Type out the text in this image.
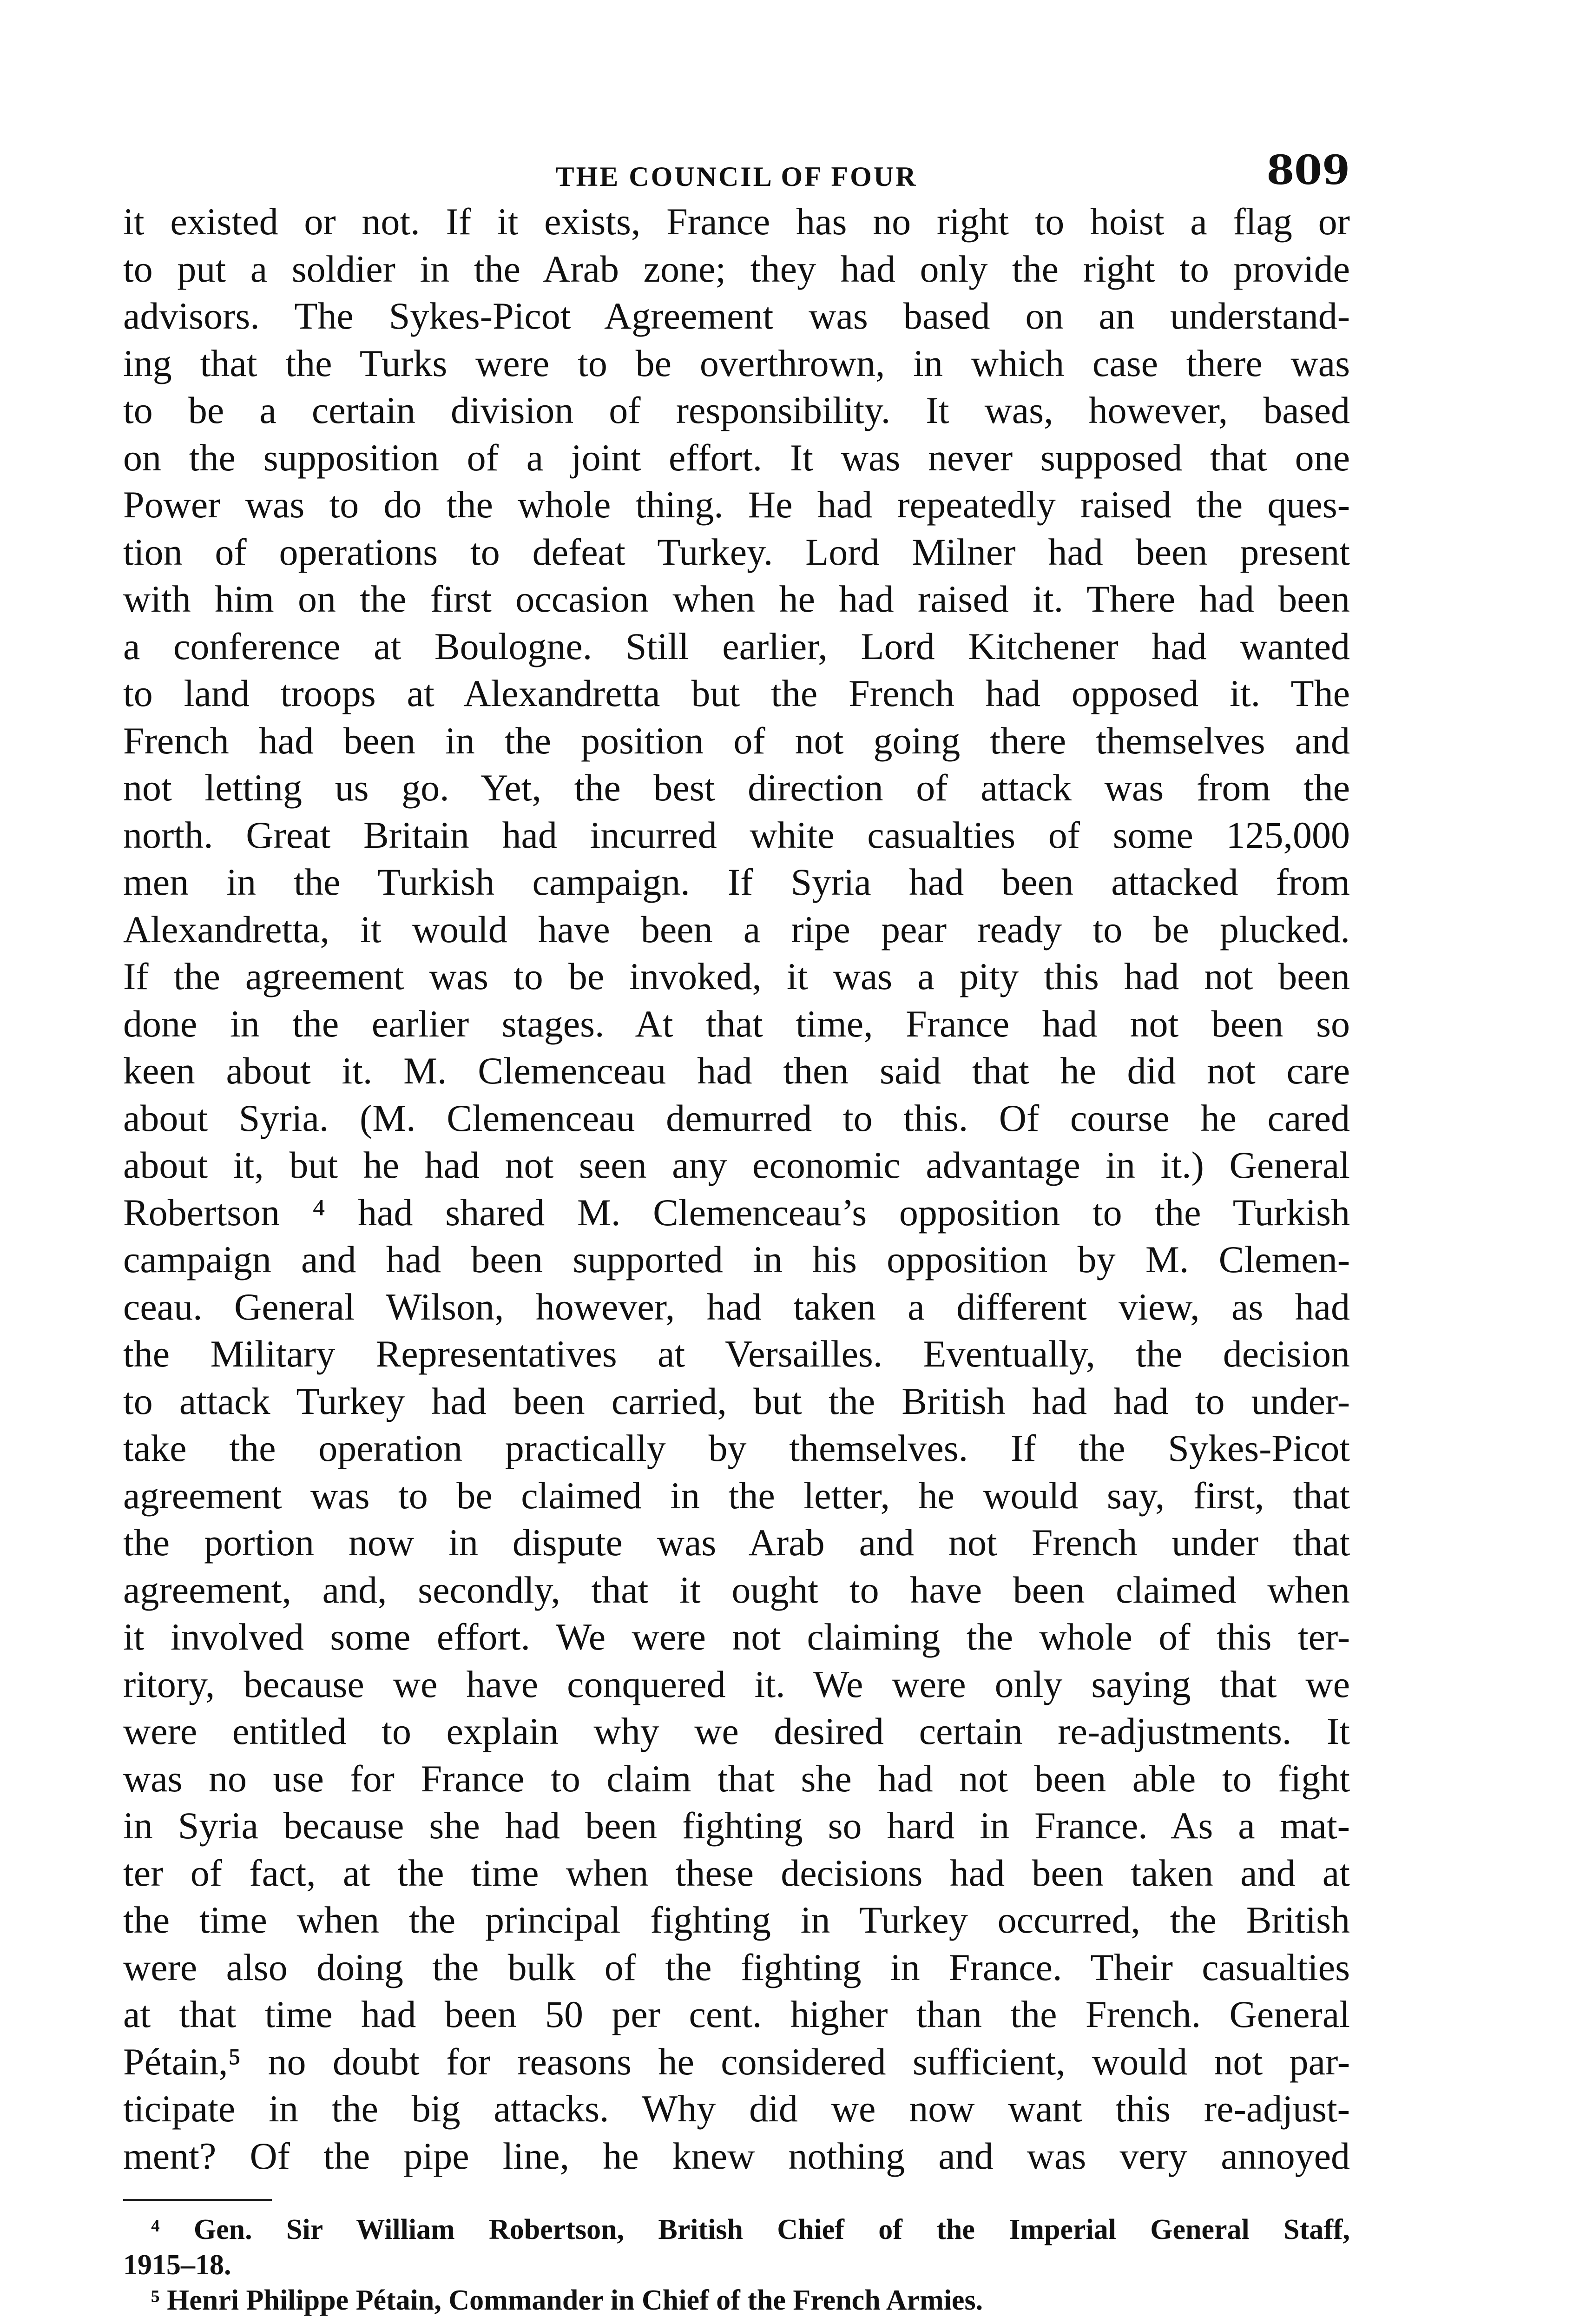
THE COUNCIL OF FOUR	809
it existed or not. If it exists, France has no right to hoist a flag or
to put a soldier in the Arab zone; they had only the right to provide
advisors. The Sykes-Picot Agreement was based on an understand-
ing that the Turks were to be overthrown, in which case there was
to be a certain division of responsibility. It was, however, based
on the supposition of a joint effort. It was never supposed that one
Power was to do the whole thing. He had repeatedly raised the ques-
tion of operations to defeat Turkey. Lord Milner had been present
with him on the first occasion when he had raised it. There had been
a conference at Boulogne. Still earlier, Lord Kitchener had wanted
to land troops at Alexandretta but the French had opposed it. The
French had been in the position of not going there themselves and
not letting us go. Yet, the best direction of attack was from the
north. Great Britain had incurred white casualties of some 125,000
men in the Turkish campaign. If Syria had been attacked from
Alexandretta, it would have been a ripe pear ready to be plucked.
If the agreement was to be invoked, it was a pity this had not been
done in the earlier stages. At that time, France had not been so
keen about it. M. Clemenceau had then said that he did not care
about Syria. (M. Clemenceau demurred to this. Of course he cared
about it, but he had not seen any economic advantage in it.) General
Robertson ⁴ had shared M. Clemenceau’s opposition to the Turkish
campaign and had been supported in his opposition by M. Clemen-
ceau. General Wilson, however, had taken a different view, as had
the Military Representatives at Versailles. Eventually, the decision
to attack Turkey had been carried, but the British had had to under-
take the operation practically by themselves. If the Sykes-Picot
agreement was to be claimed in the letter, he would say, first, that
the portion now in dispute was Arab and not French under that
agreement, and, secondly, that it ought to have been claimed when
it involved some effort. We were not claiming the whole of this ter-
ritory, because we have conquered it. We were only saying that we
were entitled to explain why we desired certain re-adjustments. It
was no use for France to claim that she had not been able to fight
in Syria because she had been fighting so hard in France. As a mat-
ter of fact, at the time when these decisions had been taken and at
the time when the principal fighting in Turkey occurred, the British
were also doing the bulk of the fighting in France. Their casualties
at that time had been 50 per cent. higher than the French. General
Pétain,⁵ no doubt for reasons he considered sufficient, would not par-
ticipate in the big attacks. Why did we now want this re-adjust-
ment? Of the pipe line, he knew nothing and was very annoyed
⁴ Gen. Sir William Robertson, British Chief of the Imperial General Staff,
1915–18.
⁵ Henri Philippe Pétain, Commander in Chief of the French Armies.
